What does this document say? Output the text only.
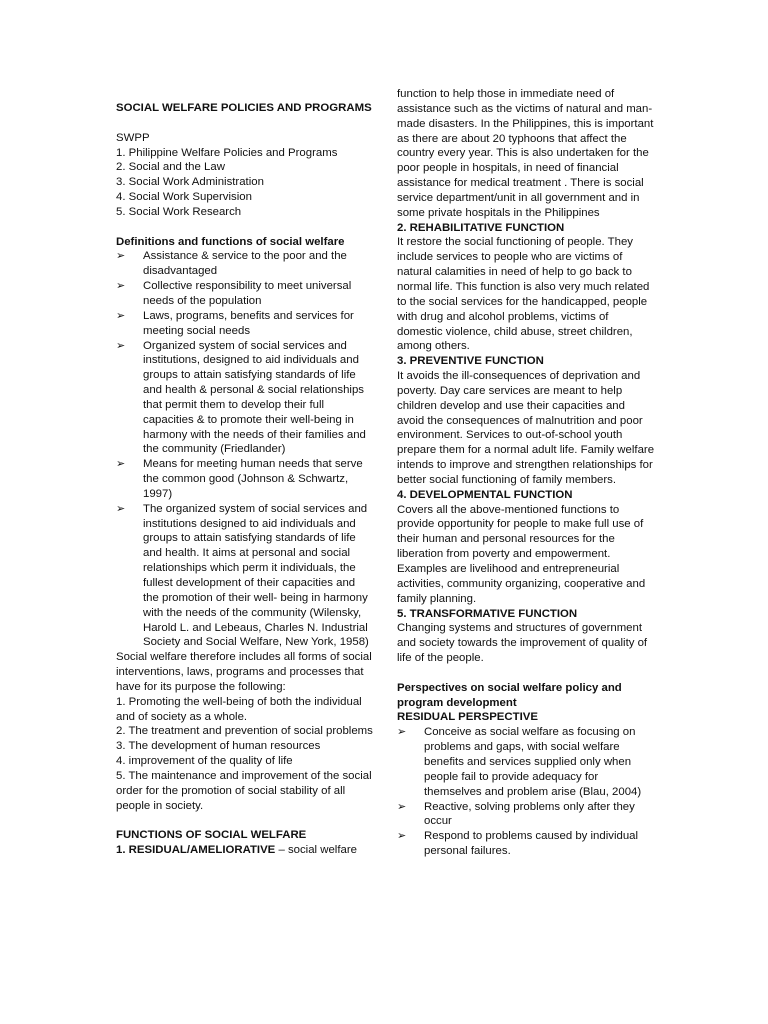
SOCIAL WELFARE POLICIES AND PROGRAMS

SWPP

1. Philippine Welfare Policies and Programs

2. Social and the Law

3. Social Work Administration

4. Social Work Supervision

5. Social Work Research

Definitions and functions of social welfare

➢	Assistance & service to the poor and the disadvantaged
➢	Collective responsibility to meet universal needs of the population
➢	Laws, programs, benefits and services for meeting social needs
➢	Organized system of social services and institutions, designed to aid individuals and groups to attain satisfying standards of life and health & personal & social relationships that permit them to develop their full capacities & to promote their well-being in harmony with the needs of their families and the community (Friedlander)
➢	Means for meeting human needs that serve the common good (Johnson & Schwartz, 1997)
➢	The organized system of social services and institutions designed to aid individuals and groups to attain satisfying standards of life and health. It aims at personal and social relationships which perm it individuals, the fullest development of their capacities and the promotion of their well- being in harmony with the needs of the community (Wilensky, Harold L. and Lebeaus, Charles N. Industrial Society and Social Welfare, New York, 1958)

Social welfare therefore includes all forms of social interventions, laws, programs and processes that have for its purpose the following:

1. Promoting the well-being of both the individual and of society as a whole.

2. The treatment and prevention of social problems

3. The development of human resources

4. improvement of the quality of life

5. The maintenance and improvement of the social order for the promotion of social stability of all people in society.

FUNCTIONS OF SOCIAL WELFARE

1. RESIDUAL/AMELIORATIVE – social welfare

function to help those in immediate need of assistance such as the victims of natural and man-made disasters. In the Philippines, this is important as there are about 20 typhoons that affect the country every year. This is also undertaken for the poor people in hospitals, in need of financial assistance for medical treatment . There is social service department/unit in all government and in some private hospitals in the Philippines

2. REHABILITATIVE FUNCTION

It restore the social functioning of people. They include services to people who are victims of natural calamities in need of help to go back to normal life. This function is also very much related to the social services for the handicapped, people with drug and alcohol problems, victims of domestic violence, child abuse, street children, among others.

3. PREVENTIVE FUNCTION

It avoids the ill-consequences of deprivation and poverty. Day care services are meant to help children develop and use their capacities and avoid the consequences of malnutrition and poor environment. Services to out-of-school youth prepare them for a normal adult life. Family welfare intends to improve and strengthen relationships for better social functioning of family members.

4. DEVELOPMENTAL FUNCTION

Covers all the above-mentioned functions to provide opportunity for people to make full use of their human and personal resources for the liberation from poverty and empowerment. Examples are livelihood and entrepreneurial activities, community organizing, cooperative and family planning.

5. TRANSFORMATIVE FUNCTION

Changing systems and structures of government and society towards the improvement of quality of life of the people.

Perspectives on social welfare policy and program development

RESIDUAL PERSPECTIVE

➢	Conceive as social welfare as focusing on problems and gaps, with social welfare benefits and services supplied only when people fail to provide adequacy for themselves and problem arise (Blau, 2004)
➢	Reactive, solving problems only after they occur
➢	Respond to problems caused by individual personal failures.
